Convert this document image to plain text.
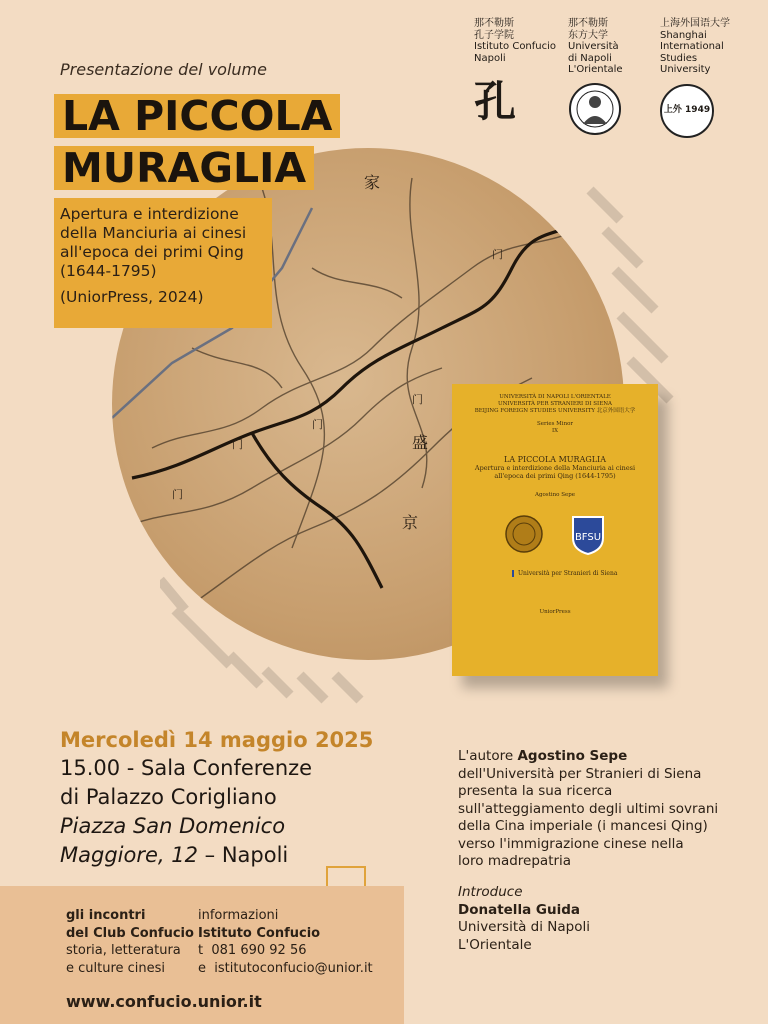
家
门
门
门
门
门
盛
京
Presentazione del volume
LA PICCOLA
MURAGLIA

Apertura e interdizione

della Manciuria ai cinesi

all'epoca dei primi Qing

(1644-1795)

(UniorPress, 2024)

那不勒斯
孔子学院
Istituto Confucio
Napoli
孔
那不勒斯
东方大学
Università
di Napoli
L'Orientale
上海外国语大学
Shanghai
International
Studies
University
上外 1949
UNIVERSITÀ DI NAPOLI L'ORIENTALE
UNIVERSITÀ PER STRANIERI DI SIENA
BEIJING FOREIGN STUDIES UNIVERSITY 北京外国语大学
Series Minor
IX
LA PICCOLA MURAGLIA
Apertura e interdizione della Manciuria ai cinesi
all'epoca dei primi Qing (1644-1795)
Agostino Sepe
BFSU
Università per Stranieri di Siena
UniorPress
Mercoledì 14 maggio 2025
15.00 - Sala Conferenze
di Palazzo Corigliano
Piazza San Domenico
Maggiore, 12 – Napoli
L'autore Agostino Sepe
dell'Università per Stranieri di Siena
presenta la sua ricerca
sull'atteggiamento degli ultimi sovrani
della Cina imperiale (i mancesi Qing)
verso l'immigrazione cinese nella
loro madrepatria
Introduce
Donatella Guida
Università di Napoli
L'Orientale
gli incontri
del Club Confucio
storia, letteratura
e culture cinesi
informazioni
Istituto Confucio
t 081 690 92 56
e istitutoconfucio@unior.it
www.confucio.unior.it
